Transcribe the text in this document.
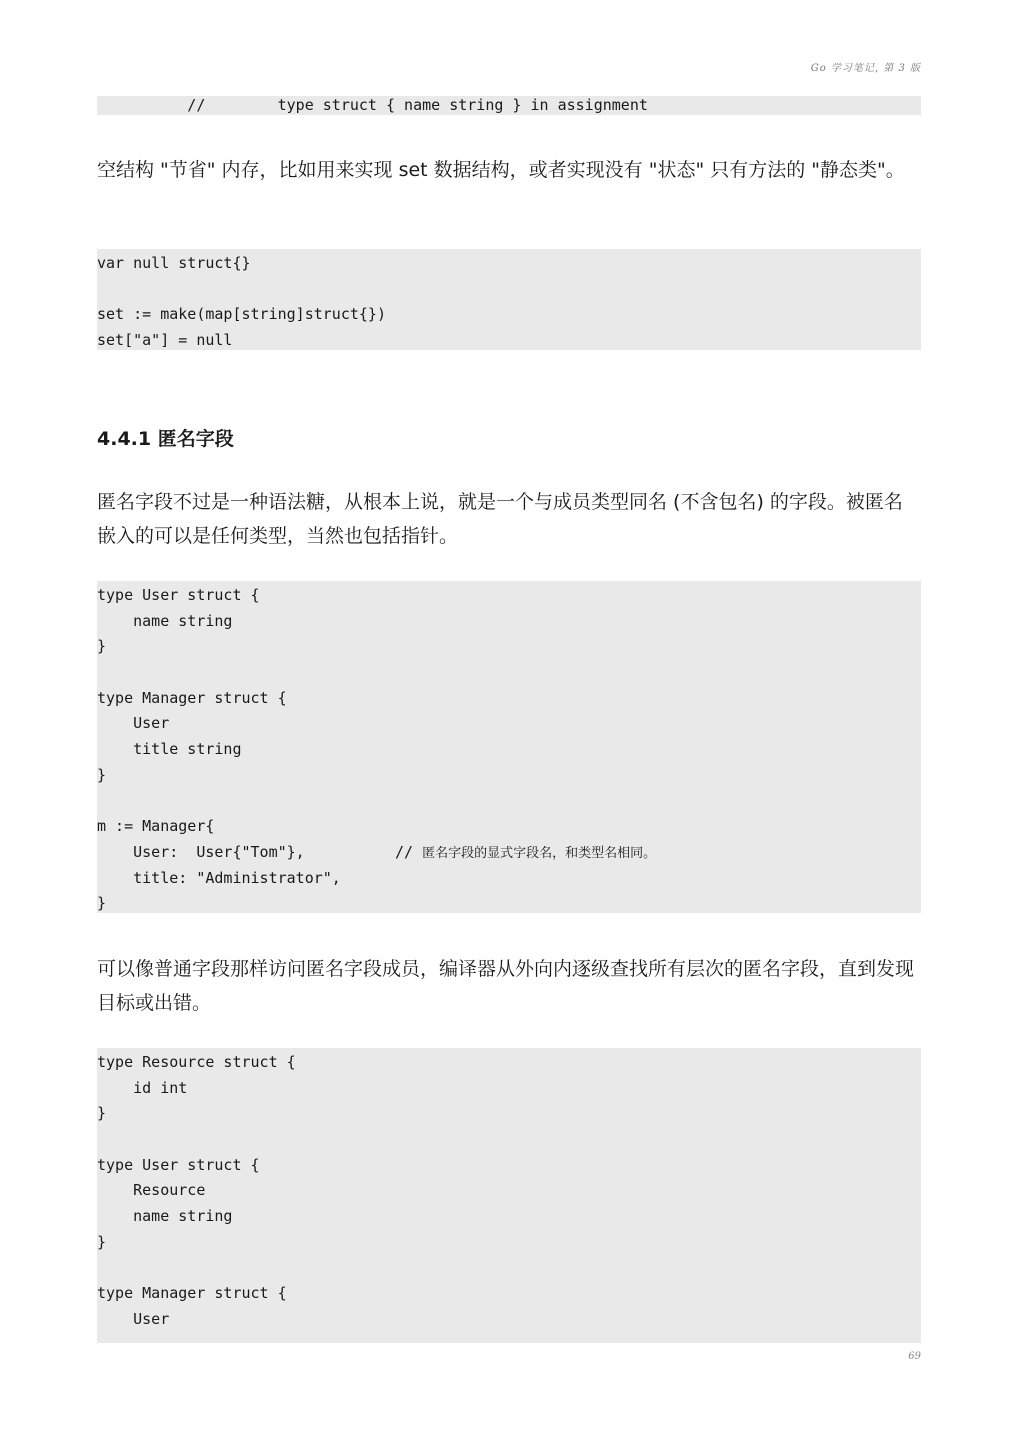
Go 学习笔记, 第 3 版
//        type struct { name string } in assignment

空结构 "节省" 内存，比如用来实现 set 数据结构，或者实现没有 "状态" 只有方法的 "静态类"。

var null struct{}

set := make(map[string]struct{})
set["a"] = null
4.4.1 匿名字段

匿名字段不过是一种语法糖，从根本上说，就是一个与成员类型同名 (不含包名) 的字段。被匿名嵌入的可以是任何类型，当然也包括指针。

type User struct {
name string
}

type Manager struct {
User
title string
}

m := Manager{
User:  User{"Tom"},          // 匿名字段的显式字段名，和类型名相同。
title: "Administrator",
}

可以像普通字段那样访问匿名字段成员，编译器从外向内逐级查找所有层次的匿名字段，直到发现目标或出错。

type Resource struct {
id int
}

type User struct {
Resource
name string
}

type Manager struct {
User
69
